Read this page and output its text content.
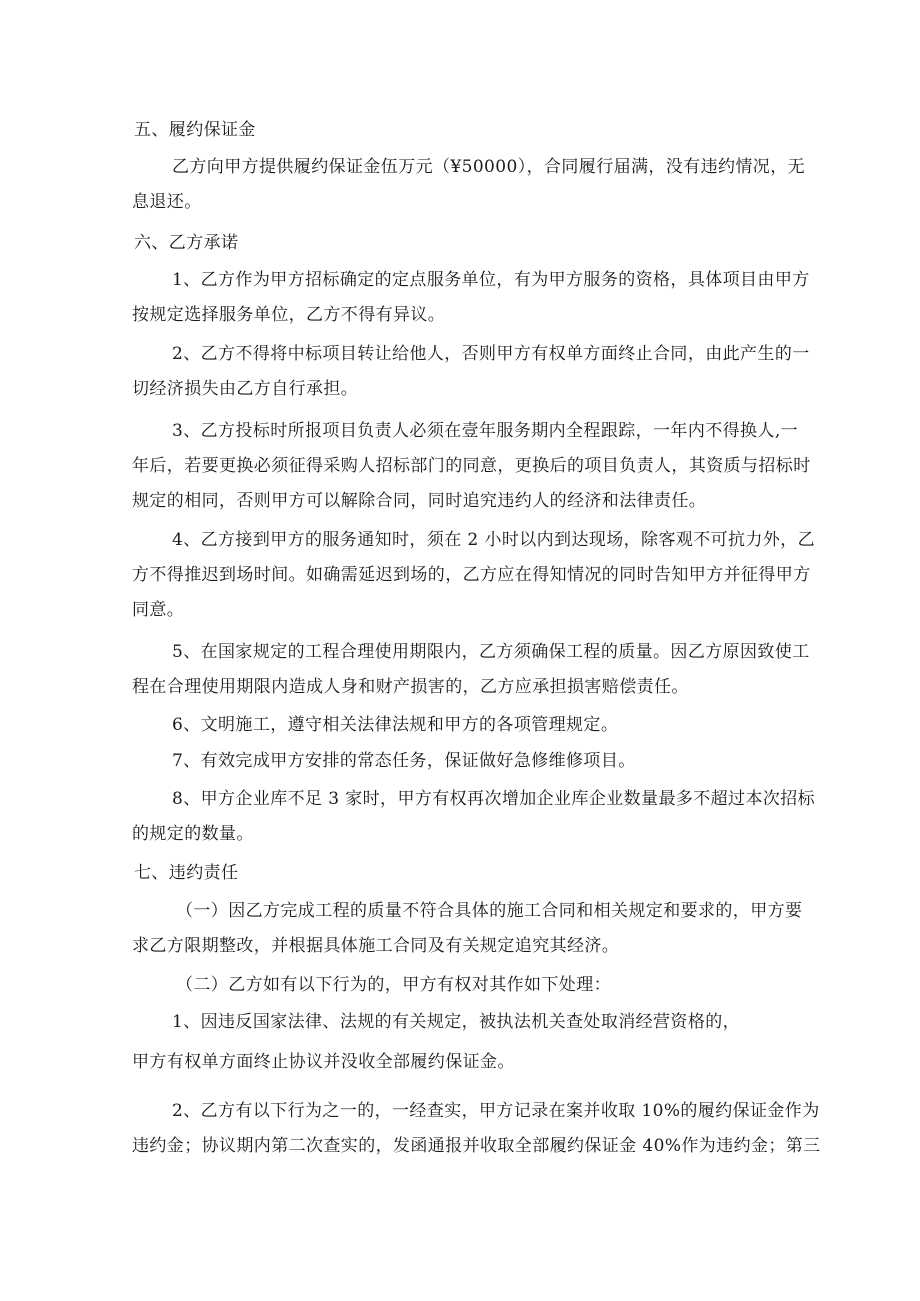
五、履约保证金

乙方向甲方提供履约保证金伍万元（¥50000），合同履行届满，没有违约情况，无
息退还。

六、乙方承诺

1、乙方作为甲方招标确定的定点服务单位，有为甲方服务的资格，具体项目由甲方
按规定选择服务单位，乙方不得有异议。

2、乙方不得将中标项目转让给他人，否则甲方有权单方面终止合同，由此产生的一
切经济损失由乙方自行承担。

3、乙方投标时所报项目负责人必须在壹年服务期内全程跟踪，一年内不得换人,一
年后，若要更换必须征得采购人招标部门的同意，更换后的项目负责人，其资质与招标时
规定的相同，否则甲方可以解除合同，同时追究违约人的经济和法律责任。

4、乙方接到甲方的服务通知时，须在 2 小时以内到达现场，除客观不可抗力外，乙
方不得推迟到场时间。如确需延迟到场的，乙方应在得知情况的同时告知甲方并征得甲方
同意。

5、在国家规定的工程合理使用期限内，乙方须确保工程的质量。因乙方原因致使工
程在合理使用期限内造成人身和财产损害的，乙方应承担损害赔偿责任。

6、文明施工，遵守相关法律法规和甲方的各项管理规定。

7、有效完成甲方安排的常态任务，保证做好急修维修项目。

8、甲方企业库不足 3 家时，甲方有权再次增加企业库企业数量最多不超过本次招标
的规定的数量。

七、违约责任

（一）因乙方完成工程的质量不符合具体的施工合同和相关规定和要求的，甲方要
求乙方限期整改，并根据具体施工合同及有关规定追究其经济。

（二）乙方如有以下行为的，甲方有权对其作如下处理：

1、因违反国家法律、法规的有关规定，被执法机关查处取消经营资格的，

甲方有权单方面终止协议并没收全部履约保证金。

2、乙方有以下行为之一的，一经查实，甲方记录在案并收取 10%的履约保证金作为
违约金；协议期内第二次查实的，发函通报并收取全部履约保证金 40%作为违约金；第三
